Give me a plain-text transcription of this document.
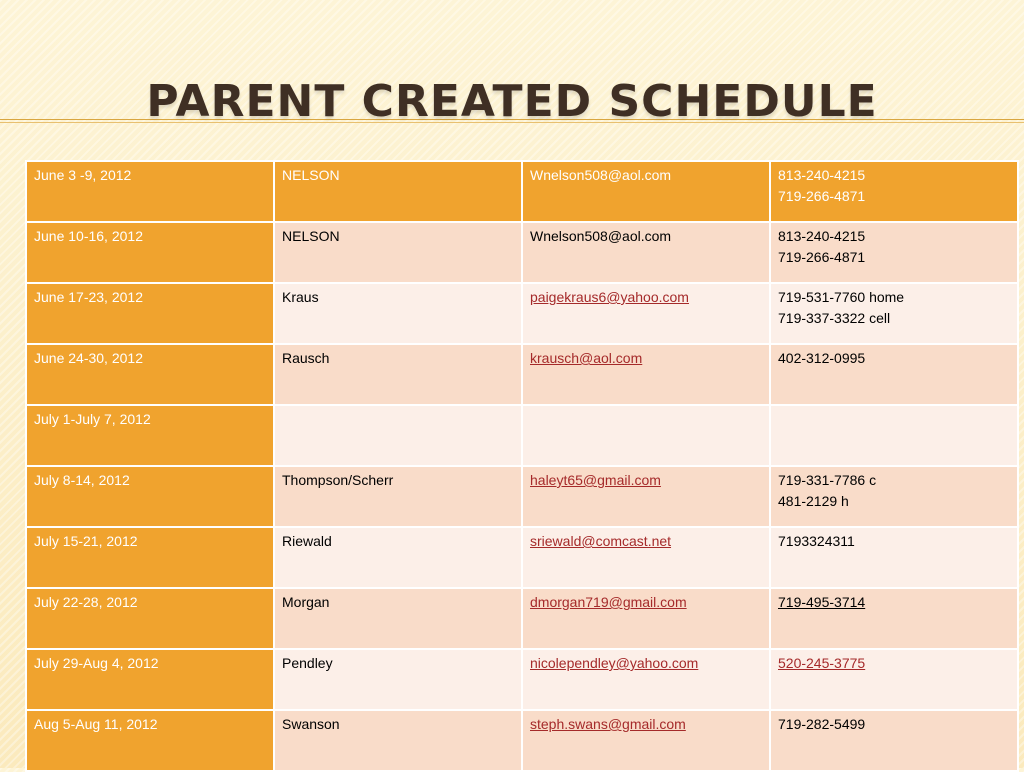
PARENT CREATED SCHEDULE
June 3 -9, 2012	NELSON	Wnelson508@aol.com	813-240-4215
719-266-4871

June 10-16, 2012	NELSON	Wnelson508@aol.com	813-240-4215
719-266-4871

June 17-23, 2012	Kraus	paigekraus6@yahoo.com	719-531-7760 home
719-337-3322 cell

June 24-30, 2012	Rausch	krausch@aol.com	402-312-0995

July 1-July 7, 2012			
July 8-14, 2012	Thompson/Scherr	haleyt65@gmail.com	719-331-7786 c
481-2129 h

July 15-21, 2012	Riewald	sriewald@comcast.net	7193324311

July 22-28, 2012	Morgan	dmorgan719@gmail.com	719-495-3714
July 29-Aug 4, 2012	Pendley	nicolependley@yahoo.com	520-245-3775
Aug 5-Aug 11, 2012	Swanson	steph.swans@gmail.com	719-282-5499
